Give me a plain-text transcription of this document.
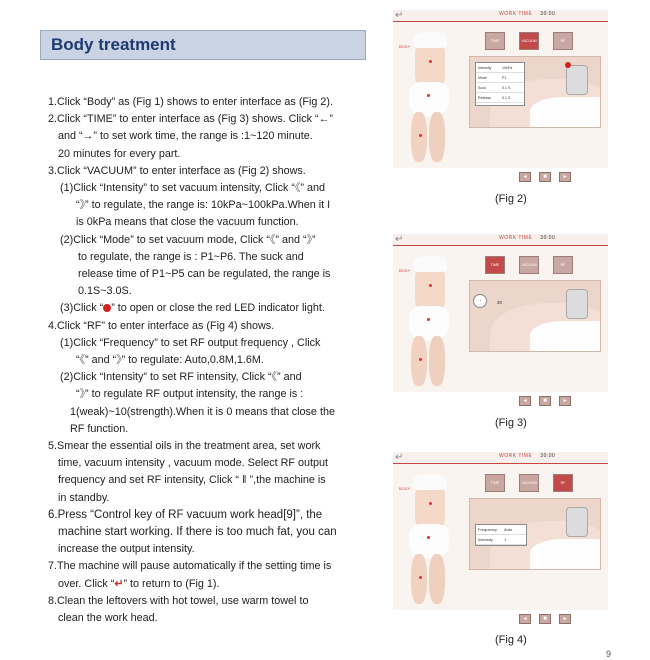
Body treatment
1.Click “Body” as (Fig 1) shows to enter interface as (Fig 2).
2.Click “TIME” to enter interface as (Fig 3) shows. Click “←”
and “→” to set work time, the range is :1~120 minute.
20 minutes for every part.
3.Click “VACUUM” to enter interface as (Fig 2) shows.
(1)Click “Intensity” to set vacuum intensity, Click “《” and
“》” to regulate, the range is: 10kPa~100kPa.When it I
is 0kPa means that close the vacuum function.
(2)Click “Mode” to set vacuum mode, Click “《” and “》”
to regulate, the range is : P1~P6. The suck and
release time of P1~P5 can be regulated, the range is
0.1S~3.0S.
(3)Click “ ” to open or close the red LED indicator light.
4.Click “RF” to enter interface as (Fig 4) shows.
(1)Click “Frequency” to set RF output frequency , Click
“《” and “》” to regulate: Auto,0.8M,1.6M.
(2)Click “Intensity” to set RF intensity, Click “《” and
“》” to regulate RF output intensity, the range is :
1(weak)~10(strength).When it is 0 means that close the
RF function.
5.Smear the essential oils in the treatment area, set work
time, vacuum intensity , vacuum mode. Select RF output
frequency and set RF intensity, Click “ ‖ ”,the machine is
in standby.
6.Press “Control key of RF vacuum work head[9]”, the
machine start working. If there is too much fat, you can
increase the output intensity.
7.The machine will pause automatically if the setting time is
over. Click “↵” to return to (Fig 1).
8.Clean the leftovers with hot towel, use warm towel to
clean the work head.
↵	WORK TIME 30:00
BODY
TIME	VACUUM	RF
Intensity	10kPa
Mode	P1
Suck	0.1 S
Release	0.1 S
◂	■	▸
(Fig 2)
↵	WORK TIME 30:00
BODY
TIME	VACUUM	RF
◔	30
◂	■	▸
(Fig 3)
↵	WORK TIME 30:00
BODY
TIME	VACUUM	RF
Frequency Auto
Intensity	1
◂	■	▸
(Fig 4)
9
